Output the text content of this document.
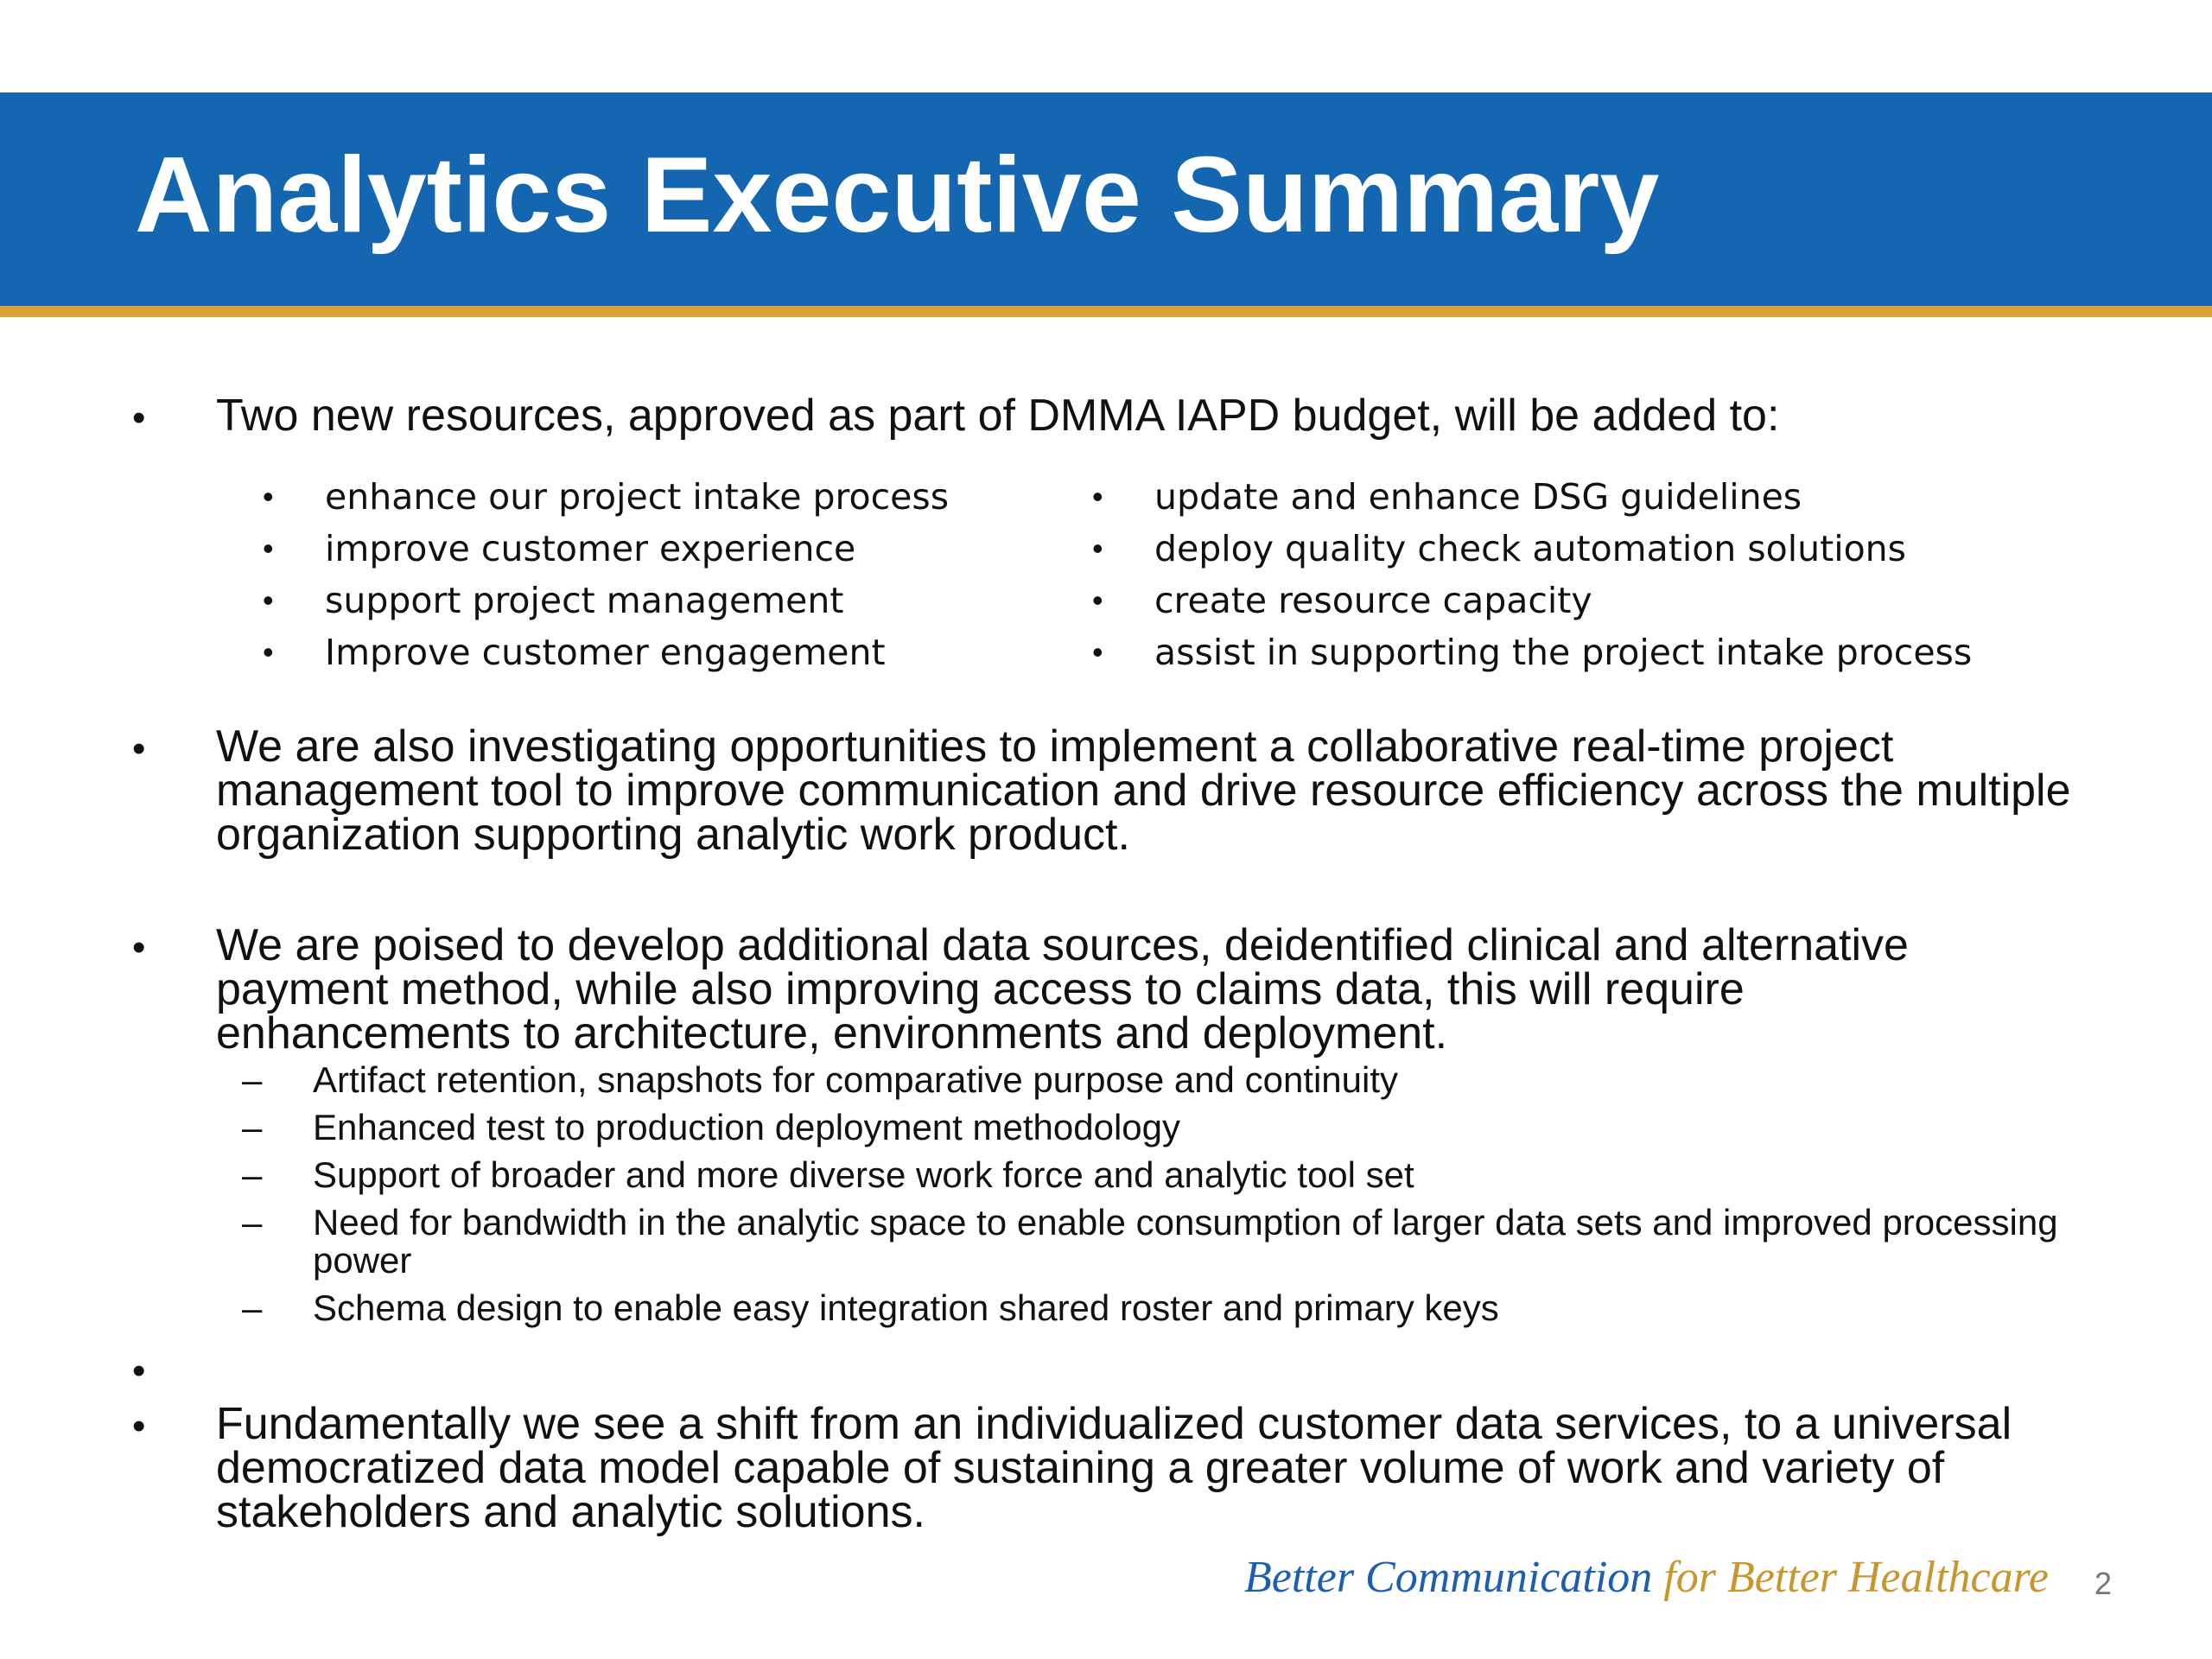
Analytics Executive Summary
• Two new resources, approved as part of DMMA IAPD budget, will be added to:

• enhance our project intake process
• improve customer experience
• support project management
• Improve customer engagement
• update and enhance DSG guidelines
• deploy quality check automation solutions
• create resource capacity
• assist in supporting the project intake process
• We are also investigating opportunities to implement a collaborative real-time project management tool to improve communication and drive resource efficiency across the multiple organization supporting analytic work product.

• We are poised to develop additional data sources, deidentified clinical and alternative payment method, while also improving access to claims data, this will require enhancements to architecture, environments and deployment.

– Artifact retention, snapshots for comparative purpose and continuity
– Enhanced test to production deployment methodology
– Support of broader and more diverse work force and analytic tool set
– Need for bandwidth in the analytic space to enable consumption of larger data sets and improved processing power
– Schema design to enable easy integration shared roster and primary keys
•
• Fundamentally we see a shift from an individualized customer data services, to a universal democratized data model capable of sustaining a greater volume of work and variety of stakeholders and analytic solutions.

Better Communication for Better Healthcare 2
